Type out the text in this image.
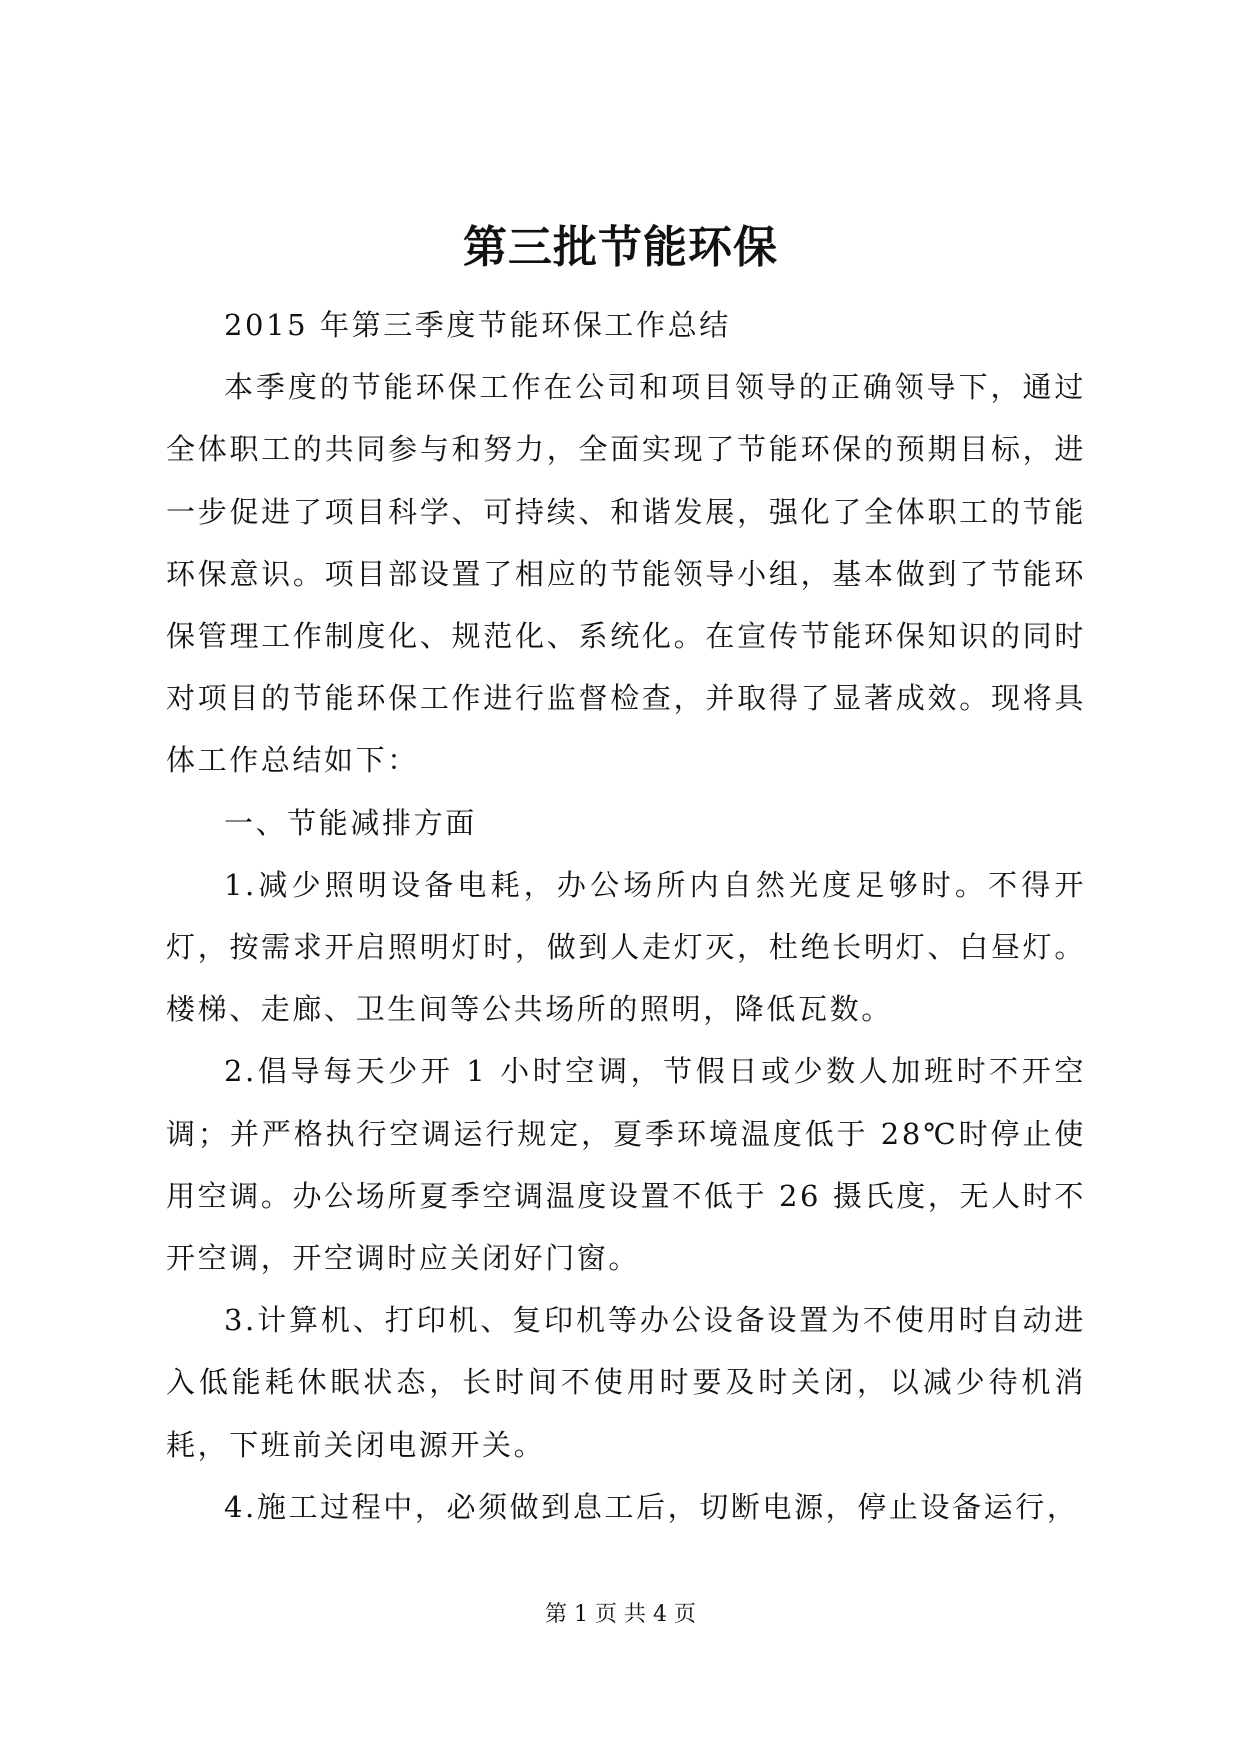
第三批节能环保

2015 年第三季度节能环保工作总结

本季度的节能环保工作在公司和项目领导的正确领导下，通过全体职工的共同参与和努力，全面实现了节能环保的预期目标，进一步促进了项目科学、可持续、和谐发展，强化了全体职工的节能环保意识。项目部设置了相应的节能领导小组，基本做到了节能环保管理工作制度化、规范化、系统化。在宣传节能环保知识的同时对项目的节能环保工作进行监督检查，并取得了显著成效。现将具体工作总结如下：

一、节能减排方面

1.减少照明设备电耗，办公场所内自然光度足够时。不得开灯，按需求开启照明灯时，做到人走灯灭，杜绝长明灯、白昼灯。楼梯、走廊、卫生间等公共场所的照明，降低瓦数。

2.倡导每天少开 1 小时空调，节假日或少数人加班时不开空调；并严格执行空调运行规定，夏季环境温度低于 28℃时停止使用空调。办公场所夏季空调温度设置不低于 26 摄氏度，无人时不开空调，开空调时应关闭好门窗。

3.计算机、打印机、复印机等办公设备设置为不使用时自动进入低能耗休眠状态，长时间不使用时要及时关闭，以减少待机消耗，下班前关闭电源开关。

4.施工过程中，必须做到息工后，切断电源，停止设备运行，

第 1 页 共 4 页
